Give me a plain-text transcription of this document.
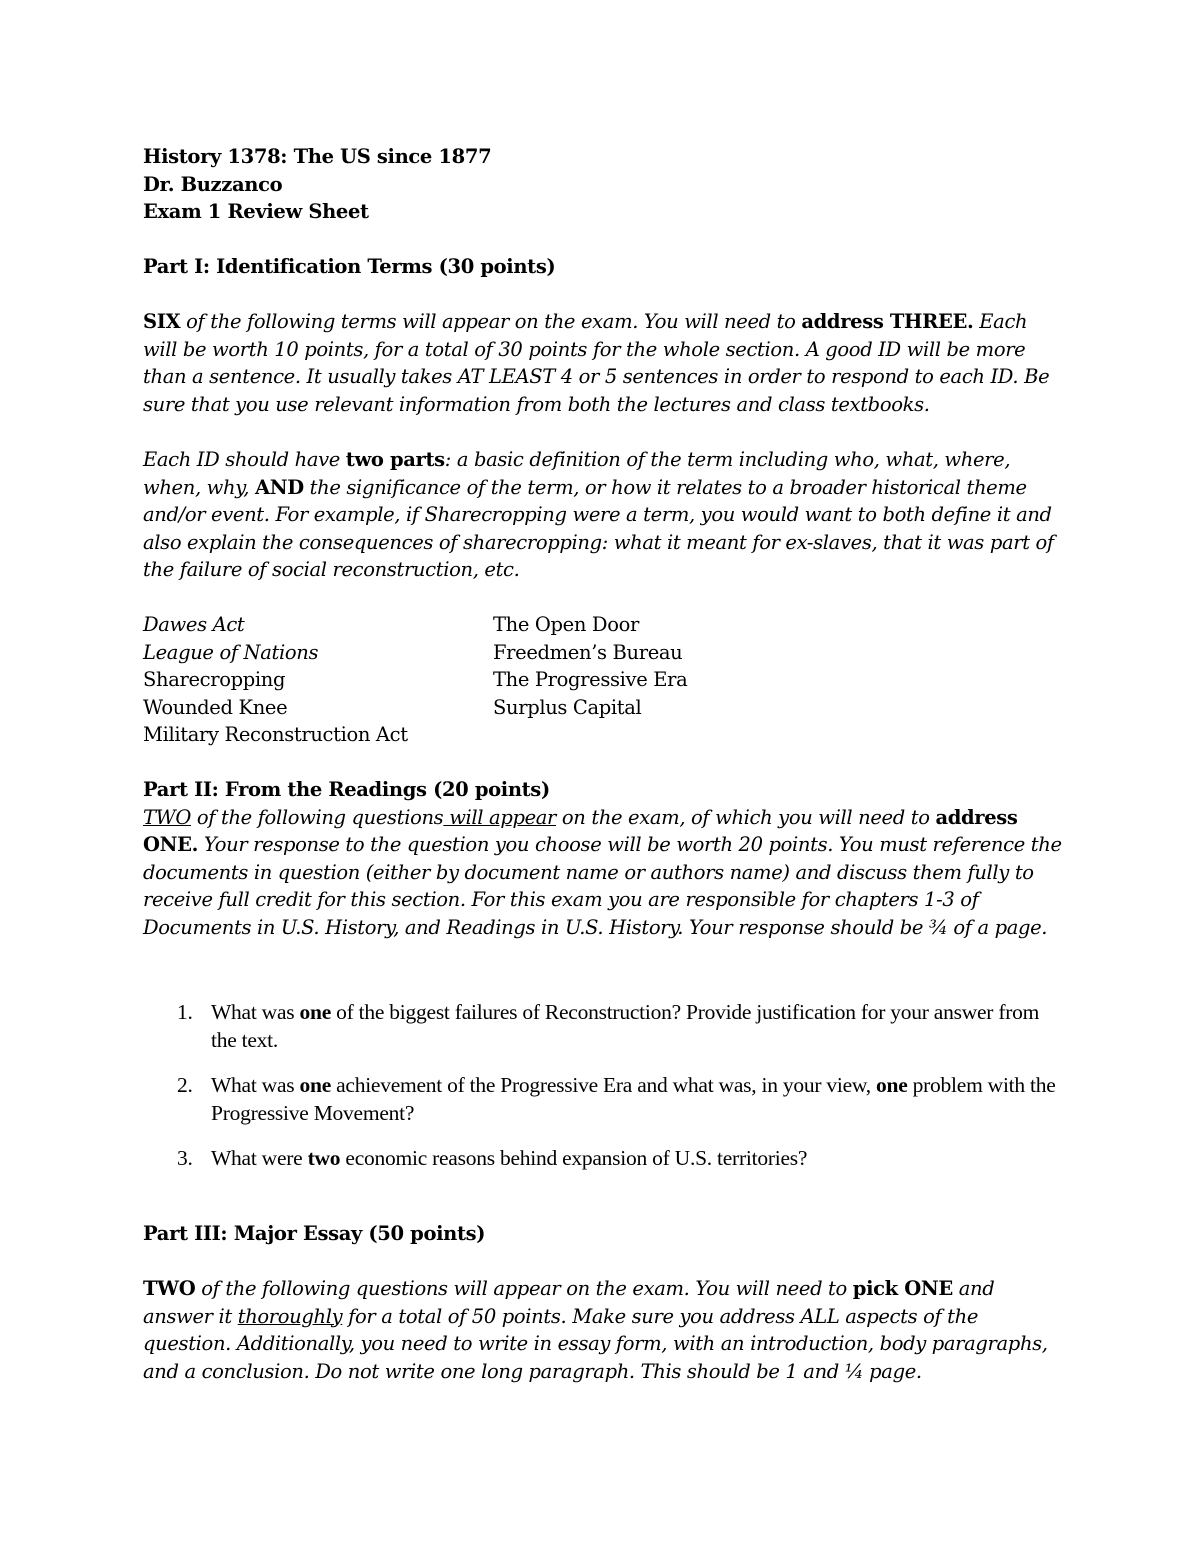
History 1378: The US since 1877
Dr. Buzzanco
Exam 1 Review Sheet
Part I: Identification Terms (30 points)

SIX of the following terms will appear on the exam. You will need to address THREE. Each will be worth 10 points, for a total of 30 points for the whole section. A good ID will be more than a sentence. It usually takes AT LEAST 4 or 5 sentences in order to respond to each ID. Be sure that you use relevant information from both the lectures and class textbooks.

Each ID should have two parts: a basic definition of the term including who, what, where, when, why, AND the significance of the term, or how it relates to a broader historical theme and/or event. For example, if Sharecropping were a term, you would want to both define it and also explain the consequences of sharecropping: what it meant for ex-slaves, that it was part of the failure of social reconstruction, etc.

Dawes Act
League of Nations
Sharecropping
Wounded Knee
Military Reconstruction Act
The Open Door
Freedmen’s Bureau
The Progressive Era
Surplus Capital
Part II: From the Readings (20 points)

TWO of the following questions will appear on the exam, of which you will need to address ONE. Your response to the question you choose will be worth 20 points. You must reference the documents in question (either by document name or authors name) and discuss them fully to receive full credit for this section. For this exam you are responsible for chapters 1-3 of Documents in U.S. History, and Readings in U.S. History. Your response should be ¾ of a page.

1. What was one of the biggest failures of Reconstruction? Provide justification for your answer from the text.
2. What was one achievement of the Progressive Era and what was, in your view, one problem with the Progressive Movement?
3. What were two economic reasons behind expansion of U.S. territories?
Part III: Major Essay (50 points)

TWO of the following questions will appear on the exam. You will need to pick ONE and answer it thoroughly for a total of 50 points. Make sure you address ALL aspects of the question. Additionally, you need to write in essay form, with an introduction, body paragraphs, and a conclusion. Do not write one long paragraph. This should be 1 and ¼ page.
